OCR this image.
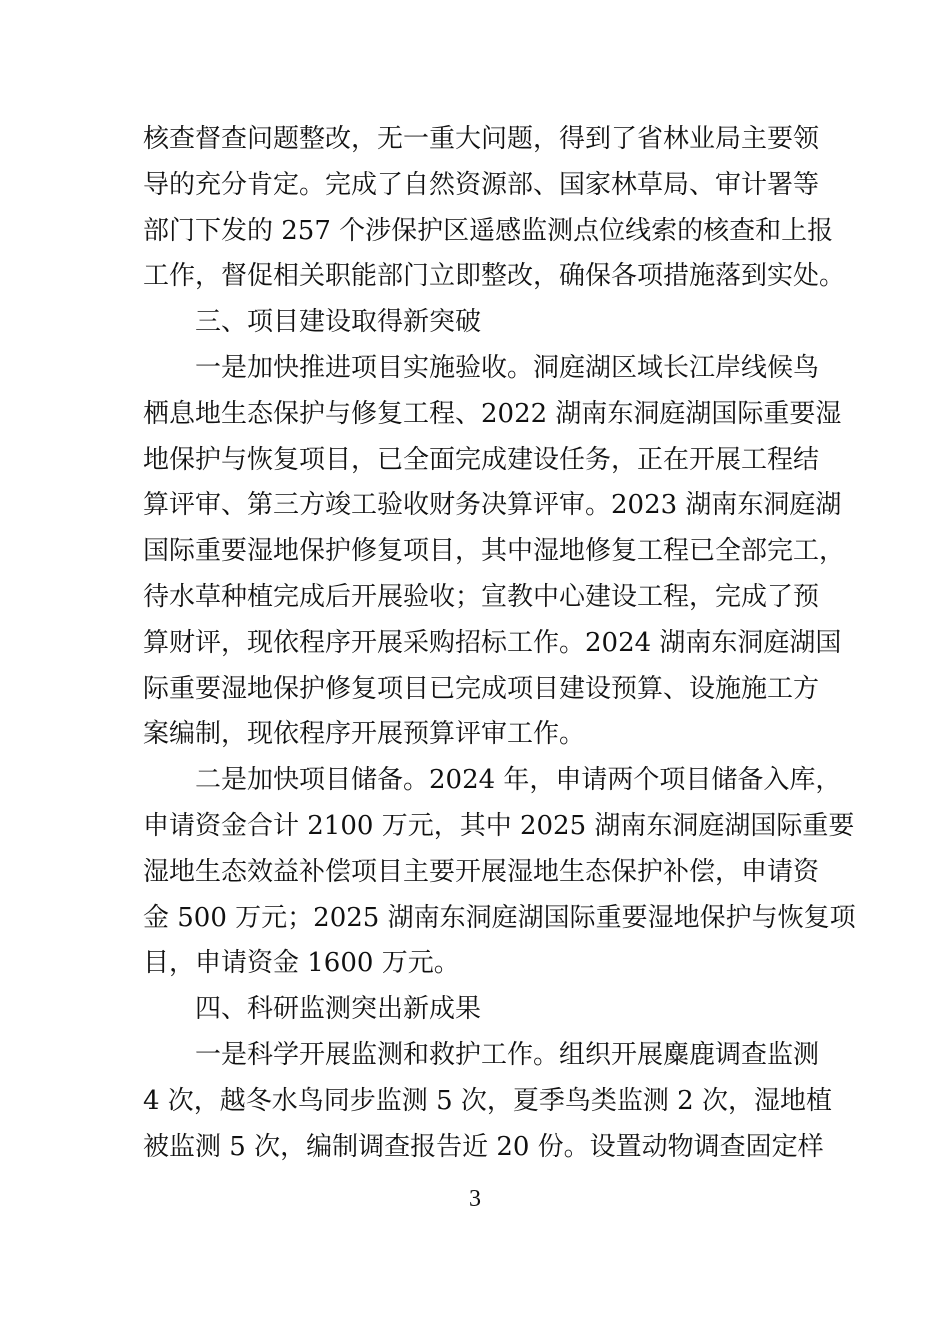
核查督查问题整改，无一重大问题，得到了省林业局主要领
导的充分肯定。完成了自然资源部、国家林草局、审计署等
部门下发的 257 个涉保护区遥感监测点位线索的核查和上报
工作，督促相关职能部门立即整改，确保各项措施落到实处。
三、项目建设取得新突破
一是加快推进项目实施验收。洞庭湖区域长江岸线候鸟
栖息地生态保护与修复工程、2022 湖南东洞庭湖国际重要湿
地保护与恢复项目，已全面完成建设任务，正在开展工程结
算评审、第三方竣工验收财务决算评审。2023 湖南东洞庭湖
国际重要湿地保护修复项目，其中湿地修复工程已全部完工，
待水草种植完成后开展验收；宣教中心建设工程，完成了预
算财评，现依程序开展采购招标工作。2024 湖南东洞庭湖国
际重要湿地保护修复项目已完成项目建设预算、设施施工方
案编制，现依程序开展预算评审工作。
二是加快项目储备。2024 年，申请两个项目储备入库，
申请资金合计 2100 万元，其中 2025 湖南东洞庭湖国际重要
湿地生态效益补偿项目主要开展湿地生态保护补偿，申请资
金 500 万元；2025 湖南东洞庭湖国际重要湿地保护与恢复项
目，申请资金 1600 万元。
四、科研监测突出新成果
一是科学开展监测和救护工作。组织开展麋鹿调查监测
4 次，越冬水鸟同步监测 5 次，夏季鸟类监测 2 次，湿地植
被监测 5 次，编制调查报告近 20 份。设置动物调查固定样
3
